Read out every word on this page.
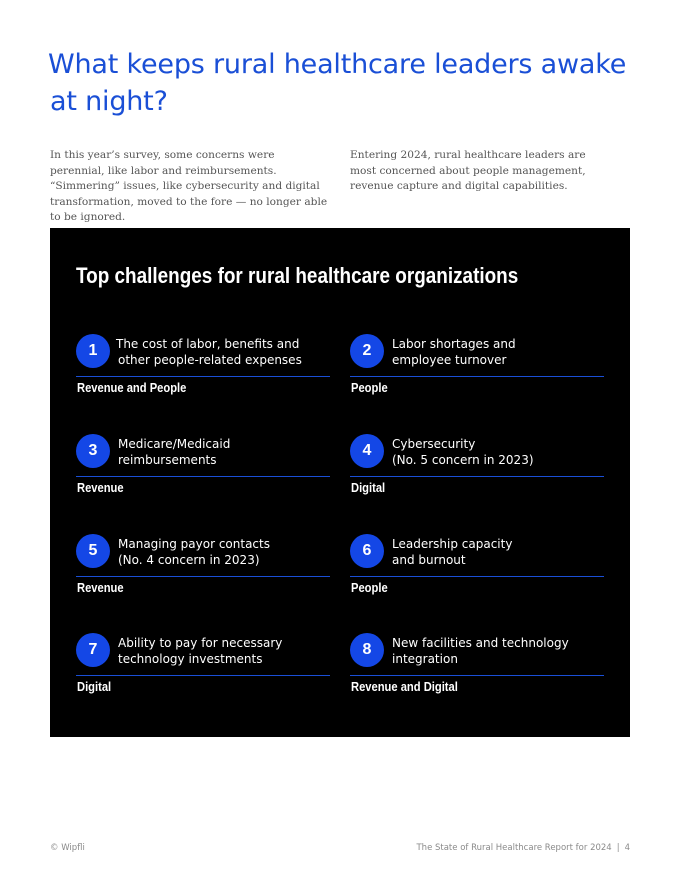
What keeps rural healthcare leaders awake
at night?

In this year’s survey, some concerns were perennial, like labor and reimbursements. “Simmering” issues, like cybersecurity and digital transformation, moved to the fore — no longer able to be ignored.

Entering 2024, rural healthcare leaders are most concerned about people management, revenue capture and digital capabilities.

Top challenges for rural healthcare organizations
1	The cost of labor, benefits and
other people-related expenses
Revenue and People
2	Labor shortages and
employee turnover
People
3	Medicare/Medicaid
reimbursements
Revenue
4	Cybersecurity
(No. 5 concern in 2023)
Digital
5	Managing payor contacts
(No. 4 concern in 2023)
Revenue
6	Leadership capacity
and burnout
People
7	Ability to pay for necessary
technology investments
Digital
8	New facilities and technology
integration
Revenue and Digital

© Wipfli	The State of Rural Healthcare Report for 2024 | 4
